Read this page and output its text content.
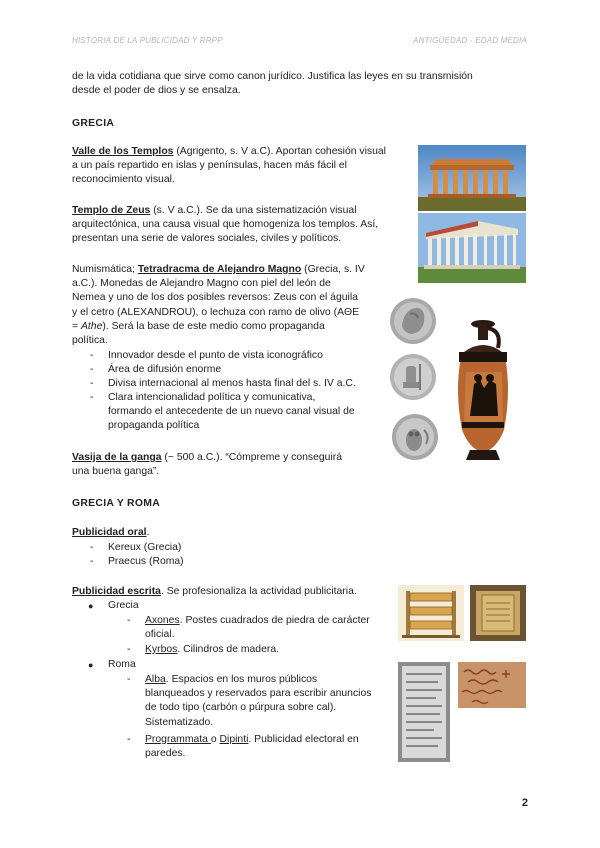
HISTORIA DE LA PUBLICIDAD Y RRPP	ANTIGÜEDAD - EDAD MEDIA
de la vida cotidiana que sirve como canon jurídico. Justifica las leyes en su transmisión
desde el poder de dios y se ensalza.
GRECIA
Valle de los Templos (Agrigento, s. V a.C). Aportan cohesión visual
a un país repartido en islas y penínsulas, hacen más fácil el
reconocimiento visual.
Templo de Zeus (s. V a.C.). Se da una sistematización visual
arquitectónica, una causa visual que homogeniza los templos. Así,
presentan una serie de valores sociales, civiles y políticos.
Numismática; Tetradracma de Alejandro Magno (Grecia, s. IV
a.C.). Monedas de Alejandro Magno con piel del león de
Nemea y uno de los dos posibles reversos: Zeus con el águila
y el cetro (ALEXANDROU), o lechuza con ramo de olivo (AΘE
= Athe). Será la base de este medio como propaganda
política.
-	Innovador desde el punto de vista iconográfico
-	Área de difusión enorme
-	Divisa internacional al menos hasta final del s. IV a.C.
-	Clara intencionalidad política y comunicativa,
formando el antecedente de un nuevo canal visual de
propaganda política
Vasija de la ganga (~ 500 a.C.). “Cómpreme y conseguirá
una buena ganga”.
GRECIA Y ROMA
Publicidad oral.
-	Kereux (Grecia)
-	Praecus (Roma)
Publicidad escrita. Se profesionaliza la actividad publicitaria.
● Grecia
-	Axones. Postes cuadrados de piedra de carácter
oficial.
-	Kyrbos. Cilindros de madera.
● Roma
-	Alba. Espacios en los muros públicos
blanqueados y reservados para escribir anuncios
de todo tipo (carbón o púrpura sobre cal).
Sistematizado.
-	Programmata o Dipinti. Publicidad electoral en
paredes.
2
